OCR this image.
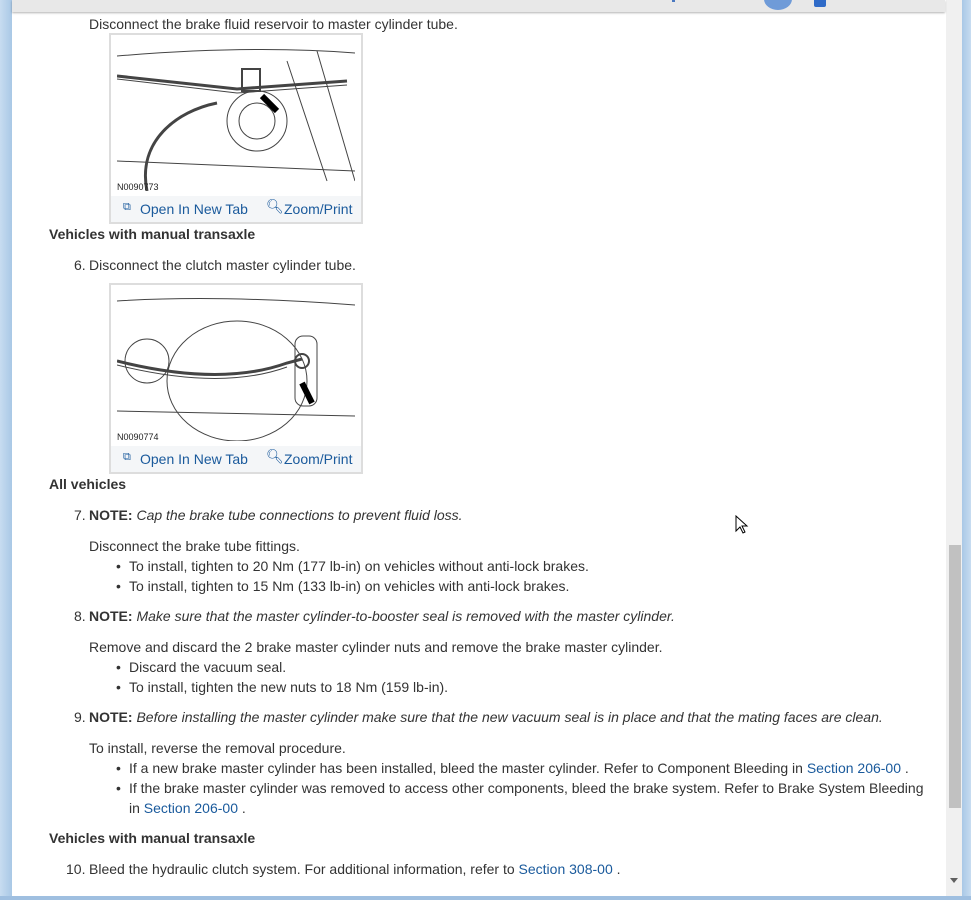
Disconnect the brake fluid reservoir to master cylinder tube.
N0090773
⧉ Open In New Tab 🔍︎ Zoom/Print
Vehicles with manual transaxle
6. Disconnect the clutch master cylinder tube.
N0090774
⧉ Open In New Tab 🔍︎ Zoom/Print
All vehicles
7. NOTE: Cap the brake tube connections to prevent fluid loss.
Disconnect the brake tube fittings.
• To install, tighten to 20 Nm (177 lb-in) on vehicles without anti-lock brakes.
• To install, tighten to 15 Nm (133 lb-in) on vehicles with anti-lock brakes.
8. NOTE: Make sure that the master cylinder-to-booster seal is removed with the master cylinder.
Remove and discard the 2 brake master cylinder nuts and remove the brake master cylinder.
• Discard the vacuum seal.
• To install, tighten the new nuts to 18 Nm (159 lb-in).
9. NOTE: Before installing the master cylinder make sure that the new vacuum seal is in place and that the mating faces are clean.
To install, reverse the removal procedure.
• If a new brake master cylinder has been installed, bleed the master cylinder. Refer to Component Bleeding in Section 206-00 .
• If the brake master cylinder was removed to access other components, bleed the brake system. Refer to Brake System Bleeding
in Section 206-00 .
Vehicles with manual transaxle
10. Bleed the hydraulic clutch system. For additional information, refer to Section 308-00 .
